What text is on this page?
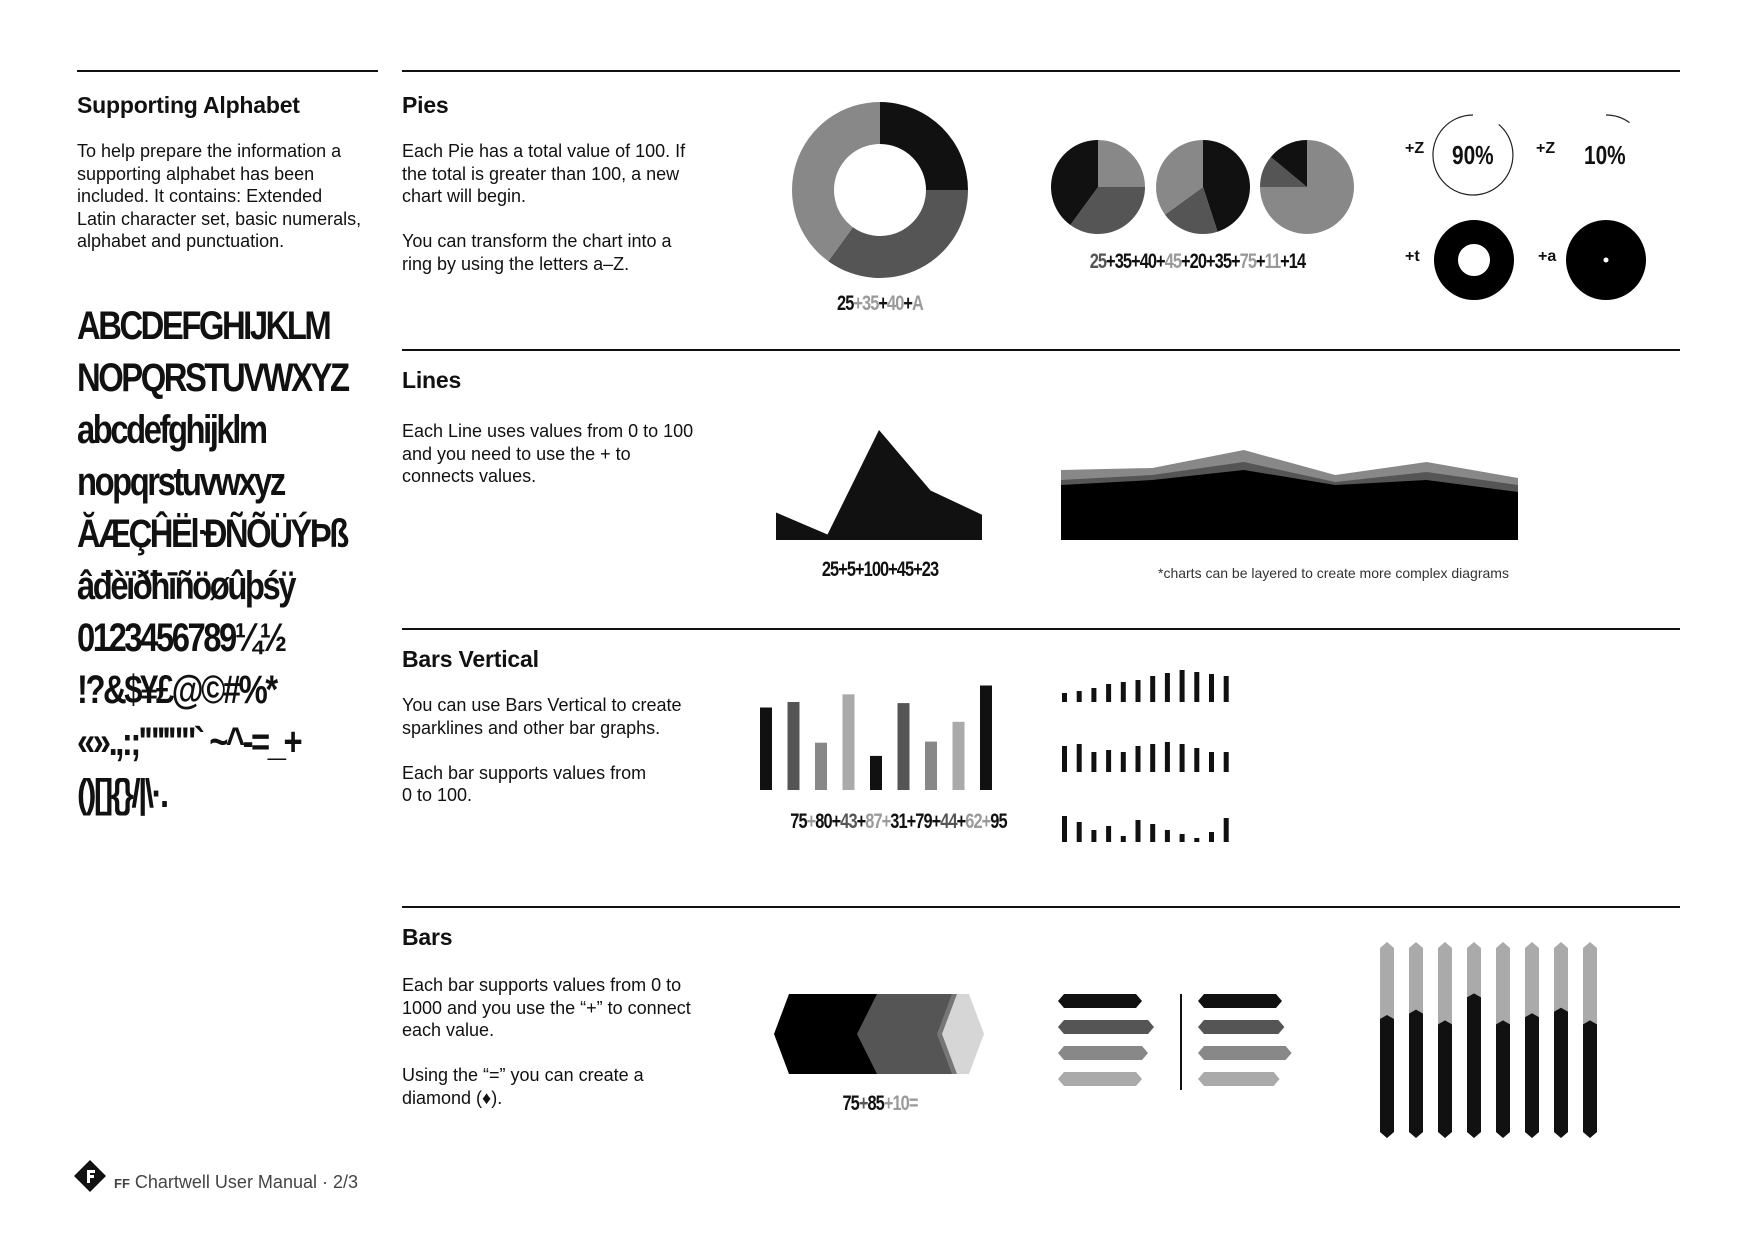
Supporting Alphabet
To help prepare the information a
supporting alphabet has been
included. It contains: Extended
Latin character set, basic numerals,
alphabet and punctuation.
ABCDEFGHIJKLM
NOPQRSTUVWXYZ
abcdefghijklm
nopqrstuvwxyz
ĂÆÇĤËŀĐÑÕÜÝÞß
âđèïðħīñöøûþśÿ
0123456789¼½
!?&$¥£@©#%*
«».,:;'"''""` ~^-=_+
()[]{}/|\·.
Pies
Each Pie has a total value of 100. If
the total is greater than 100, a new
chart will begin.

You can transform the chart into a
ring by using the letters a–Z.
25+35+40+A
25+35+40+45+20+35+75+11+14
+Z 90%	+Z 10%
+t	+a
Lines
Each Line uses values from 0 to 100
and you need to use the + to
connects values.
25+5+100+45+23	*charts can be layered to create more complex diagrams
Bars Vertical
You can use Bars Vertical to create
sparklines and other bar graphs.

Each bar supports values from
0 to 100.
75+80+43+87+31+79+44+62+95
Bars
Each bar supports values from 0 to
1000 and you use the “+” to connect
each value.

Using the “=” you can create a
diamond (♦).	75+85+10=
FF Chartwell User Manual · 2/3
